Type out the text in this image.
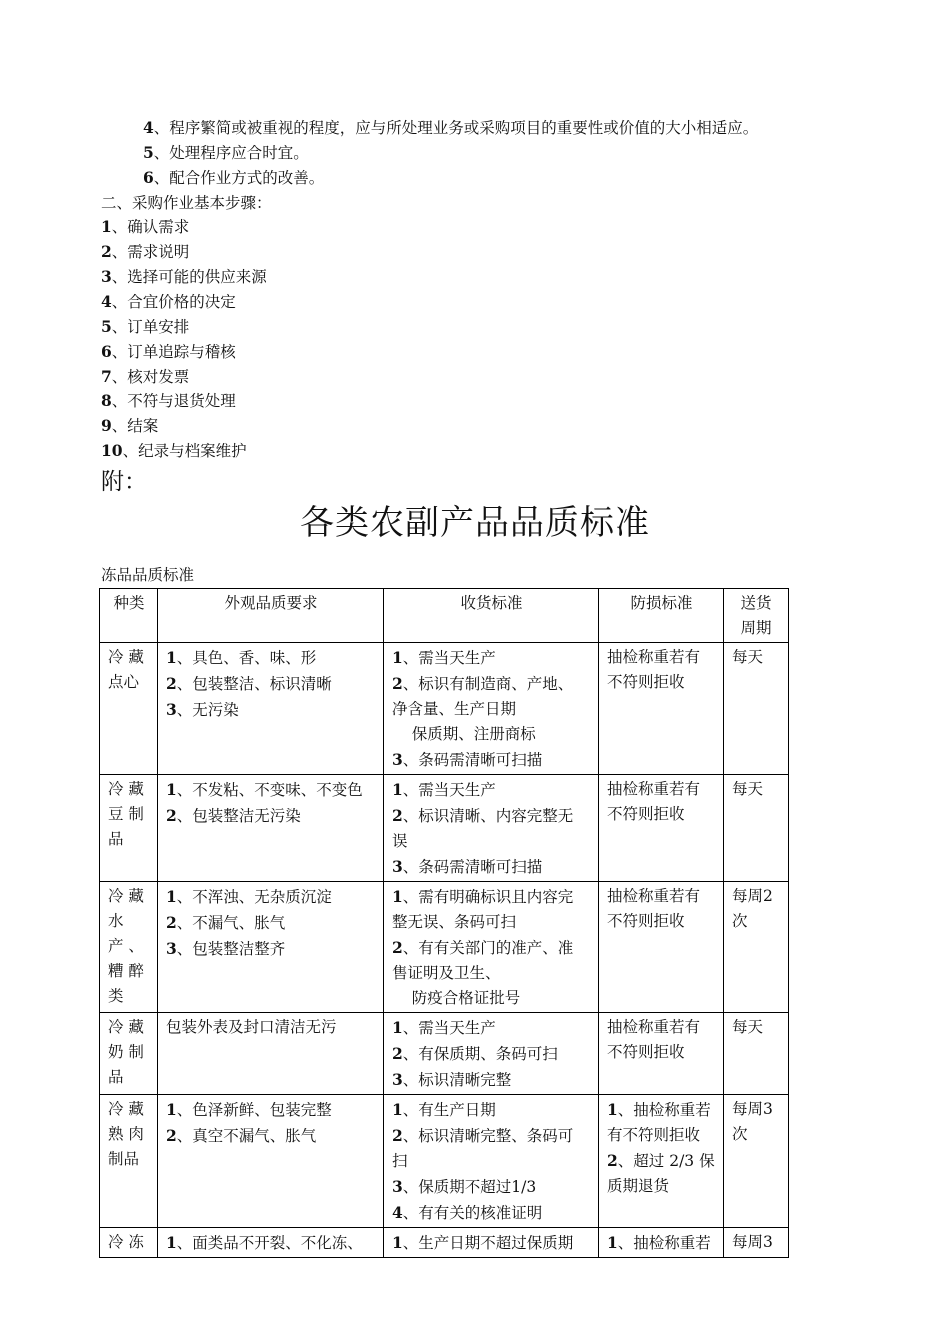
4、程序繁简或被重视的程度，应与所处理业务或采购项目的重要性或价值的大小相适应。
5、处理程序应合时宜。
6、配合作业方式的改善。
二、采购作业基本步骤：
1、确认需求
2、需求说明
3、选择可能的供应来源
4、合宜价格的决定
5、订单安排
6、订单追踪与稽核
7、核对发票
8、不符与退货处理
9、结案
10、纪录与档案维护
附：
各类农副产品品质标准
冻品品质标准
种类	外观品质要求	收货标准	防损标准	送货
周期

冷 藏
点心	1、具色、香、味、形
2、包装整洁、标识清晰
3、无污染	1、需当天生产
2、标识有制造商、产地、
净含量、生产日期
保质期、注册商标
3、条码需清晰可扫描	抽检称重若有
不符则拒收	每天

冷 藏
豆 制
品	1、不发粘、不变味、不变色
2、包装整洁无污染	1、需当天生产
2、标识清晰、内容完整无
误
3、条码需清晰可扫描	抽检称重若有
不符则拒收	每天

冷 藏
水
产 、
糟 醉
类	1、不浑浊、无杂质沉淀
2、不漏气、胀气
3、包装整洁整齐	1、需有明确标识且内容完
整无误、条码可扫
2、有有关部门的准产、准
售证明及卫生、
防疫合格证批号	抽检称重若有
不符则拒收	每周2
次

冷 藏
奶 制
品	包装外表及封口清洁无污	1、需当天生产
2、有保质期、条码可扫
3、标识清晰完整	抽检称重若有
不符则拒收	每天

冷 藏
熟 肉
制品	1、色泽新鲜、包装完整
2、真空不漏气、胀气	1、有生产日期
2、标识清晰完整、条码可
扫
3、保质期不超过1/3
4、有有关的核准证明	1、抽检称重若
有不符则拒收
2、超过 2/3 保
质期退货	每周3
次

冷 冻	1、面类品不开裂、不化冻、	1、生产日期不超过保质期	1、抽检称重若	每周3
